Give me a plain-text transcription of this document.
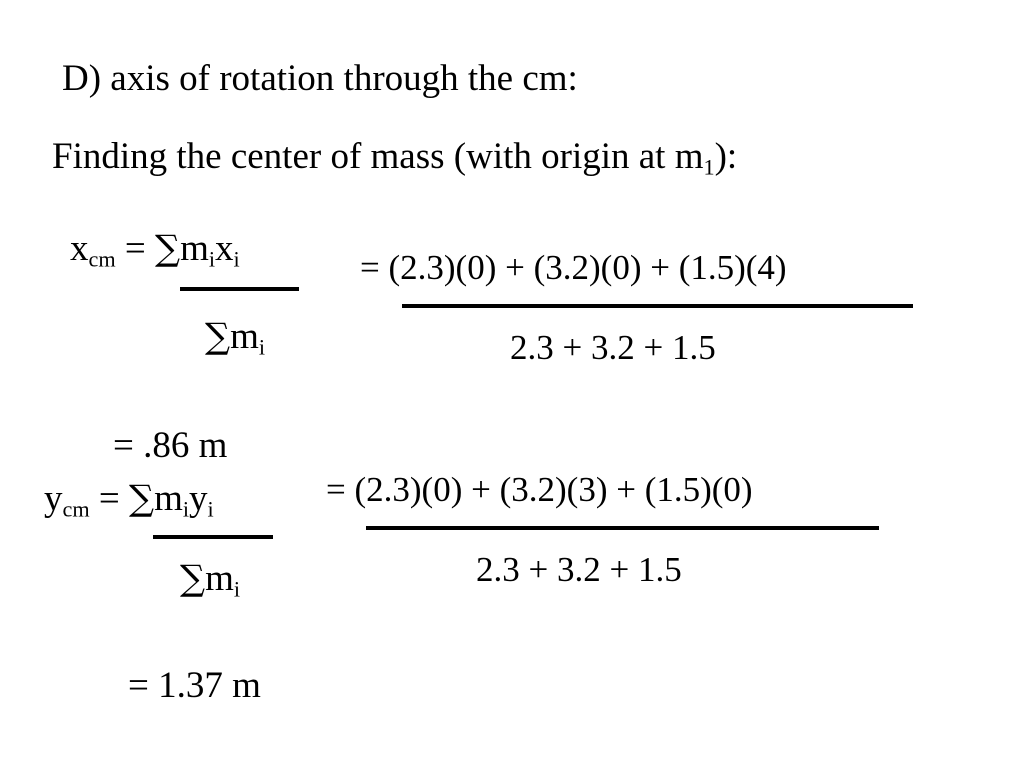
D) axis of rotation through the cm:
Finding the center of mass (with origin at $m_1$):
$x_{cm} = \sum m_ix_i$
$\sum m_i$
= (2.3)(0) + (3.2)(0) + (1.5)(4)
2.3 + 3.2 + 1.5
= .86 m
$y_{cm} = \sum m_iy_i$
$\sum m_i$
= (2.3)(0) + (3.2)(3) + (1.5)(0)
2.3 + 3.2 + 1.5
= 1.37 m
